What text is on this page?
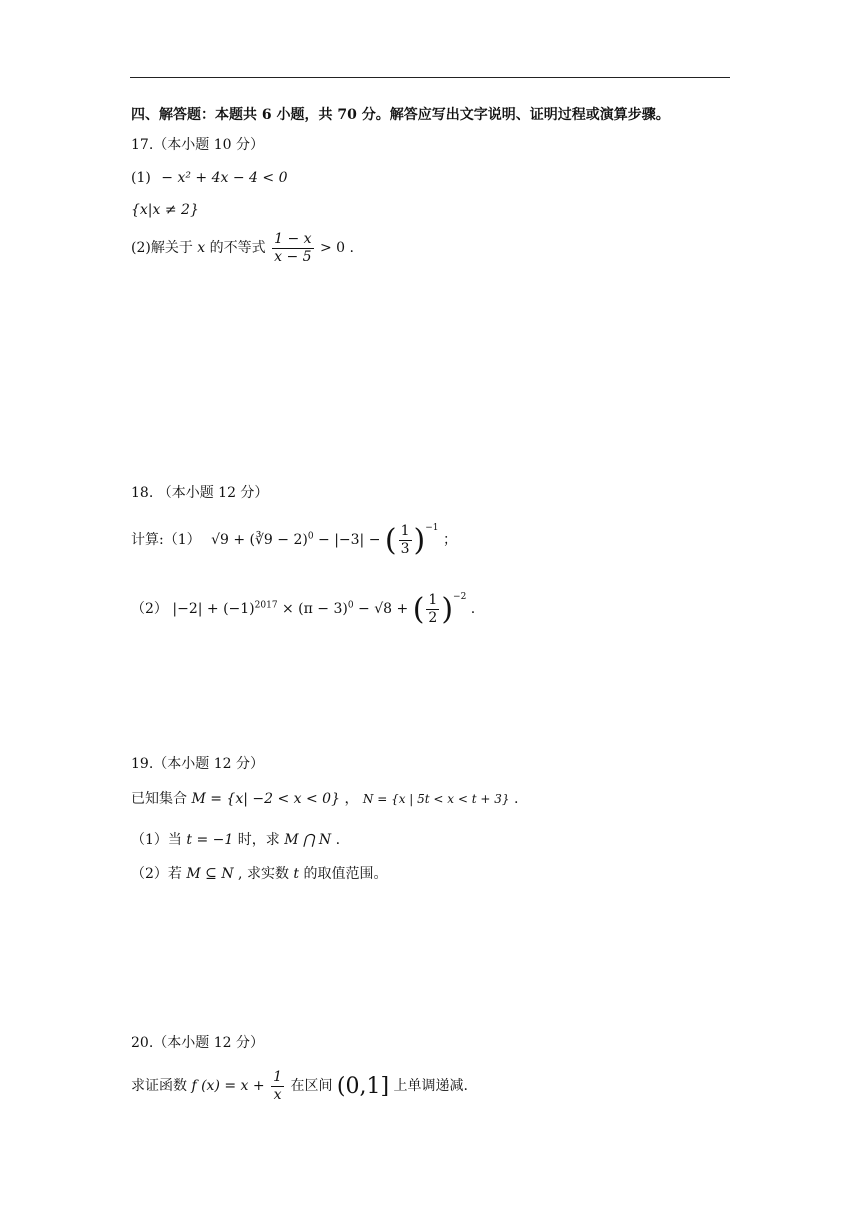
四、解答题：本题共 6 小题，共 70 分。解答应写出文字说明、证明过程或演算步骤。
17.（本小题 10 分）
(1) − x² + 4x − 4 < 0
{x|x ≠ 2}
(2)解关于 x 的不等式 $\frac{1 - x}{x - 5} > 0$ .
18. （本小题 12 分）
计算:（1） √9 + (∛9 − 2)$^0$ − |−3| − ( $\frac{1}{3} )^{-1}$ ；
（2） $|-2| + (-1)^{2017} \times (\pi - 3)^0 - √8$ + ( $\frac{1}{2} )^{-2}$ .
19.（本小题 12 分）
已知集合 M = {x| −2 < x < 0} ， N = {x | 5t < x < t + 3} .
（1）当 t = −1 时，求 M ⋂ N .
（2）若 M ⊆ N , 求实数 t 的取值范围。
20.（本小题 12 分）
求证函数 f $(x) = x + \frac{1}{x}$ 在区间 (0,1] 上单调递减.
